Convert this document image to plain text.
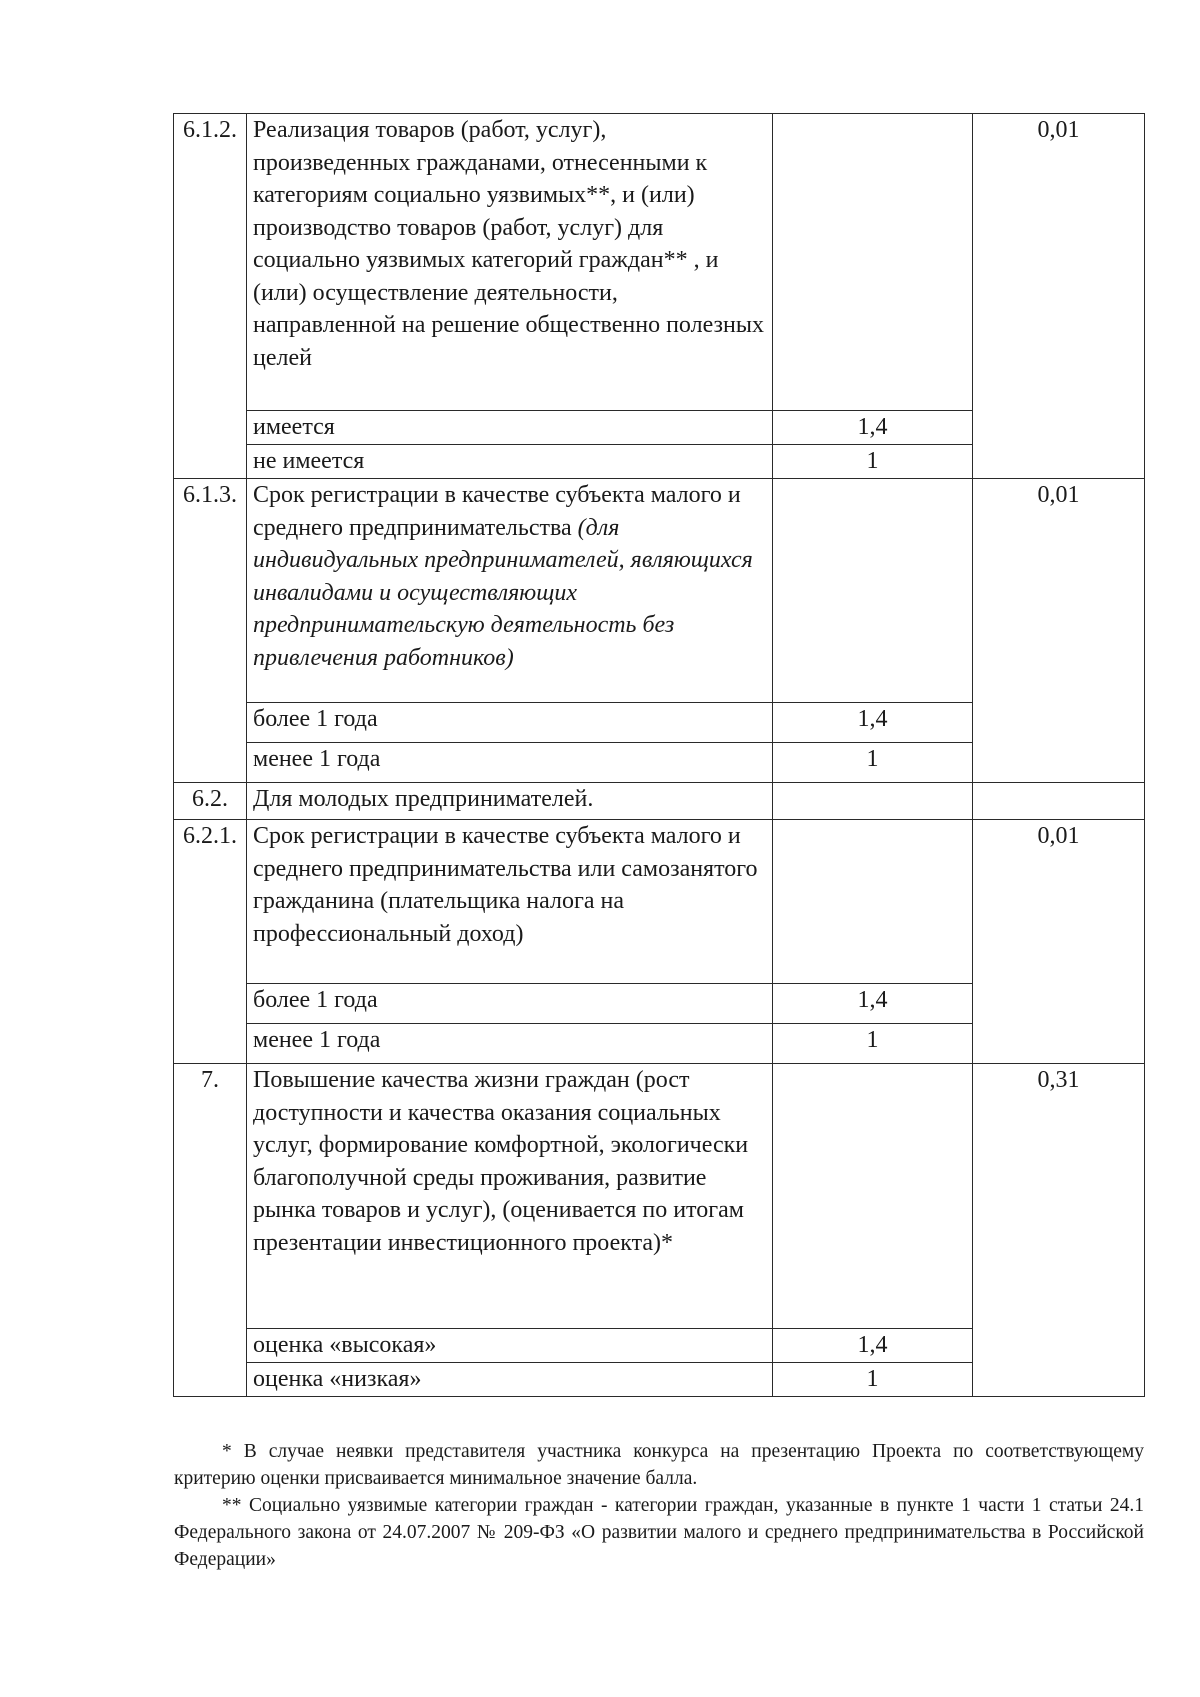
6.1.2.	Реализация товаров (работ, услуг), произведенных гражданами, отнесенными к категориям социально уязвимых**, и (или) производство товаров (работ, услуг) для социально уязвимых категорий граждан** , и (или) осуществление деятельности, направленной на решение общественно полезных целей		0,01
	имеется	1,4	
	не имеется	1	
6.1.3.	Срок регистрации в качестве субъекта малого и среднего предпринимательства (для индивидуальных предпринимателей, являющихся инвалидами и осуществляющих предпринимательскую деятельность без привлечения работников)		0,01
	более 1 года	1,4	
	менее 1 года	1	
6.2.	Для молодых предпринимателей.		
6.2.1.	Срок регистрации в качестве субъекта малого и среднего предпринимательства или самозанятого гражданина (плательщика налога на профессиональный доход)		0,01
	более 1 года	1,4	
	менее 1 года	1	
7.	Повышение качества жизни граждан (рост доступности и качества оказания социальных услуг, формирование комфортной, экологически благополучной среды проживания, развитие рынка товаров и услуг), (оценивается по итогам презентации инвестиционного проекта)*		0,31
	оценка «высокая»	1,4	
	оценка «низкая»	1	

* В случае неявки представителя участника конкурса на презентацию Проекта по соответствующему критерию оценки присваивается минимальное значение балла.

** Социально уязвимые категории граждан - категории граждан, указанные в пункте 1 части 1 статьи 24.1 Федерального закона от 24.07.2007 № 209-ФЗ «О развитии малого и среднего предпринимательства в Российской Федерации»
